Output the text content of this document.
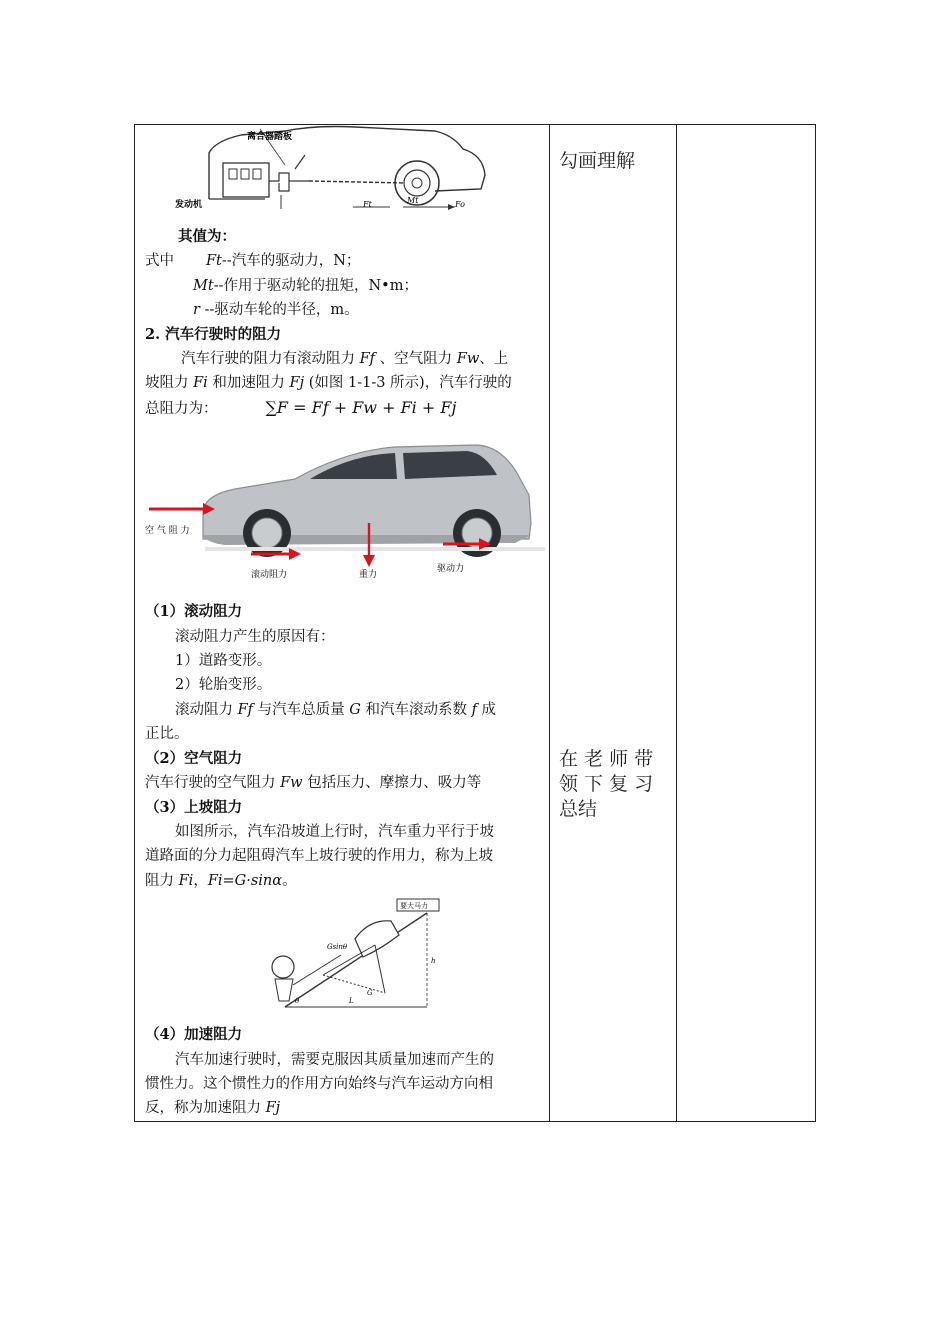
离合器踏板
发动机	Ft	Mt	Fo

其值为：

式中 Ft--汽车的驱动力，N；

Mt--作用于驱动轮的扭矩，N•m；

r --驱动车轮的半径，m。

2. 汽车行驶时的阻力

汽车行驶的阻力有滚动阻力 Ff 、空气阻力 Fw、上

坡阻力 Fi 和加速阻力 Fj (如图 1-1-3 所示)，汽车行驶的

总阻力为：	∑F = Ff + Fw + Fi + Fj

空 气 阻 力
滚动阻力	重力
驱动力

（1）滚动阻力

滚动阻力产生的原因有：

1）道路变形。

2）轮胎变形。

滚动阻力 Ff 与汽车总质量 G 和汽车滚动系数 f 成

正比。

（2）空气阻力

汽车行驶的空气阻力 Fw 包括压力、摩擦力、吸力等

（3）上坡阻力

如图所示，汽车沿坡道上行时，汽车重力平行于坡

道路面的分力起阻碍汽车上坡行驶的作用力，称为上坡

阻力 Fi，Fi=G·sinα。

要大马力
Gsinθ
G
L
h
θ

（4）加速阻力

汽车加速行驶时，需要克服因其质量加速而产生的

惯性力。这个惯性力的作用方向始终与汽车运动方向相

反，称为加速阻力 Fj

勾画理解
在 老 师 带
领 下 复 习
总结
